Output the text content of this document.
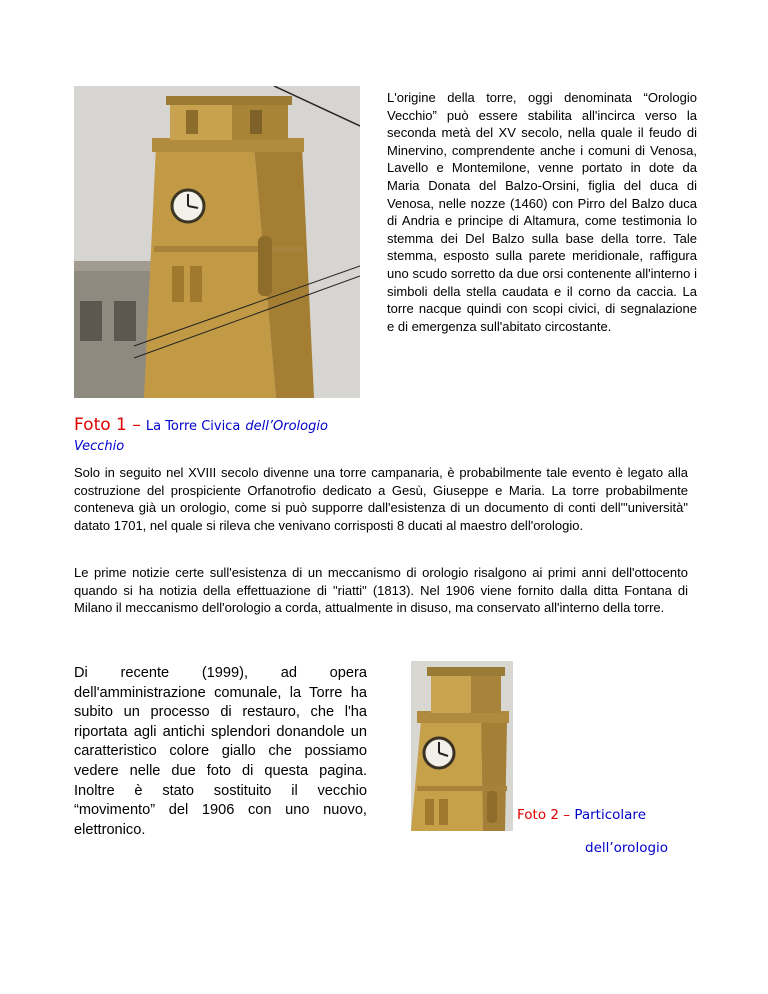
L'origine della torre, oggi denominata “Orologio Vecchio” può essere stabilita all'incirca verso la seconda metà del XV secolo, nella quale il feudo di Minervino, comprendente anche i comuni di Venosa, Lavello e Montemilone, venne portato in dote da Maria Donata del Balzo-Orsini, figlia del duca di Venosa, nelle nozze (1460) con Pirro del Balzo duca di Andria e principe di Altamura, come testimonia lo stemma dei Del Balzo sulla base della torre. Tale stemma, esposto sulla parete meridionale, raffigura uno scudo sorretto da due orsi contenente all'interno i simboli della stella caudata e il corno da caccia. La torre nacque quindi con scopi civici, di segnalazione e di emergenza sull'abitato circostante.

Foto 1 – La Torre Civica dell’Orologio
Vecchio

Solo in seguito nel XVIII secolo divenne una torre campanaria, è probabilmente tale evento è legato alla costruzione del prospiciente Orfanotrofio dedicato a Gesù, Giuseppe e Maria. La torre probabilmente conteneva già un orologio, come si può supporre dall'esistenza di un documento di conti dell'"università" datato 1701, nel quale si rileva che venivano corrisposti 8 ducati al maestro dell'orologio.

Le prime notizie certe sull'esistenza di un meccanismo di orologio risalgono ai primi anni dell'ottocento quando si ha notizia della effettuazione di "riatti" (1813). Nel 1906 viene fornito dalla ditta Fontana di Milano il meccanismo dell'orologio a corda, attualmente in disuso, ma conservato all'interno della torre.

Di recente (1999), ad opera dell'amministrazione comunale, la Torre ha subito un processo di restauro, che l'ha riportata agli antichi splendori donandole un caratteristico colore giallo che possiamo vedere nelle due foto di questa pagina. Inoltre è stato sostituito il vecchio “movimento” del 1906 con uno nuovo, elettronico.

Foto 2 – Particolare
dell’orologio
